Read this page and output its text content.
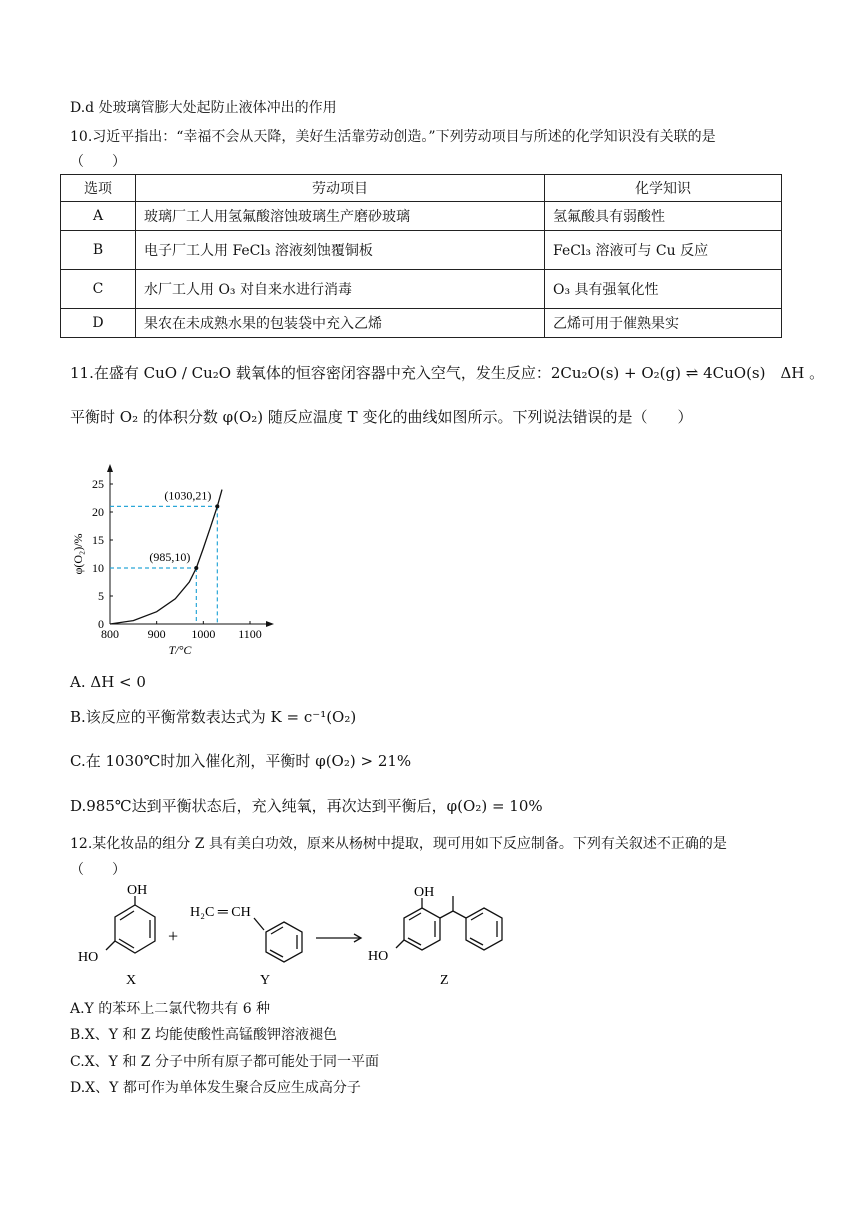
D.d 处玻璃管膨大处起防止液体冲出的作用
10.习近平指出：“幸福不会从天降，美好生活靠劳动创造。”下列劳动项目与所述的化学知识没有关联的是
（　　）
选项	劳动项目	化学知识
A	玻璃厂工人用氢氟酸溶蚀玻璃生产磨砂玻璃	氢氟酸具有弱酸性
B	电子厂工人用 FeCl₃ 溶液刻蚀覆铜板	FeCl₃ 溶液可与 Cu 反应
C	水厂工人用 O₃ 对自来水进行消毒	O₃ 具有强氧化性
D	果农在未成熟水果的包装袋中充入乙烯	乙烯可用于催熟果实
11.在盛有 CuO / Cu₂O 载氧体的恒容密闭容器中充入空气，发生反应：2Cu₂O(s) + O₂(g) ⇌ 4CuO(s)　ΔH 。
平衡时 O₂ 的体积分数 φ(O₂) 随反应温度 T 变化的曲线如图所示。下列说法错误的是（　　）
800 900 1000 1100
0
5
10
15
20
25
T/°C
φ(O₂)/%	(985,10)
(1030,21)
A. ΔH < 0
B.该反应的平衡常数表达式为 K = c⁻¹(O₂)
C.在 1030℃时加入催化剂，平衡时 φ(O₂) > 21%
D.985℃达到平衡状态后，充入纯氧，再次达到平衡后，φ(O₂) = 10%
12.某化妆品的组分 Z 具有美白功效，原来从杨树中提取，现可用如下反应制备。下列有关叙述不正确的是
（　　）
OH
HO
X
+
H₂C ═ CH
Y
OH
HO
Z
A.Y 的苯环上二氯代物共有 6 种
B.X、Y 和 Z 均能使酸性高锰酸钾溶液褪色
C.X、Y 和 Z 分子中所有原子都可能处于同一平面
D.X、Y 都可作为单体发生聚合反应生成高分子
